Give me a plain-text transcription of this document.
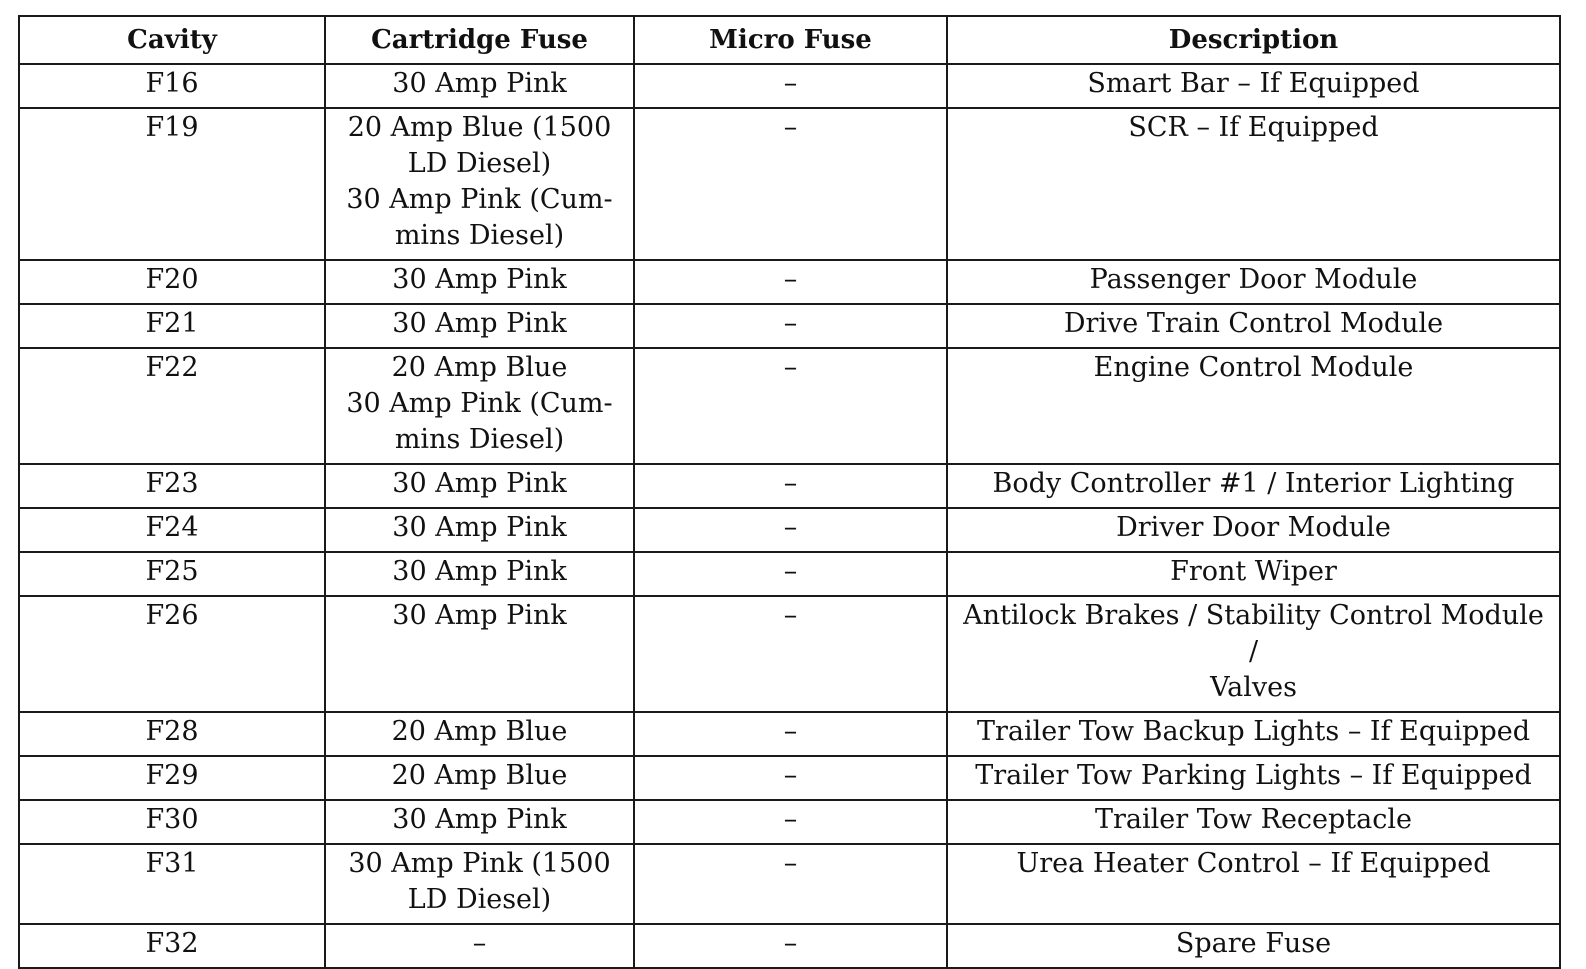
Cavity	Cartridge Fuse	Micro Fuse	Description
F16	30 Amp Pink	–	Smart Bar – If Equipped

F19	20 Amp Blue (1500
LD Diesel)
30 Amp Pink (Cum-
mins Diesel)	–	SCR – If Equipped

F20	30 Amp Pink	–	Passenger Door Module

F21	30 Amp Pink	–	Drive Train Control Module

F22	20 Amp Blue
30 Amp Pink (Cum-
mins Diesel)	–	Engine Control Module

F23	30 Amp Pink	–	Body Controller #1 / Interior Lighting

F24	30 Amp Pink	–	Driver Door Module

F25	30 Amp Pink	–	Front Wiper

F26	30 Amp Pink	–	Antilock Brakes / Stability Control Module /
Valves

F28	20 Amp Blue	–	Trailer Tow Backup Lights – If Equipped

F29	20 Amp Blue	–	Trailer Tow Parking Lights – If Equipped

F30	30 Amp Pink	–	Trailer Tow Receptacle

F31	30 Amp Pink (1500
LD Diesel)	–	Urea Heater Control – If Equipped

F32	–	–	Spare Fuse
